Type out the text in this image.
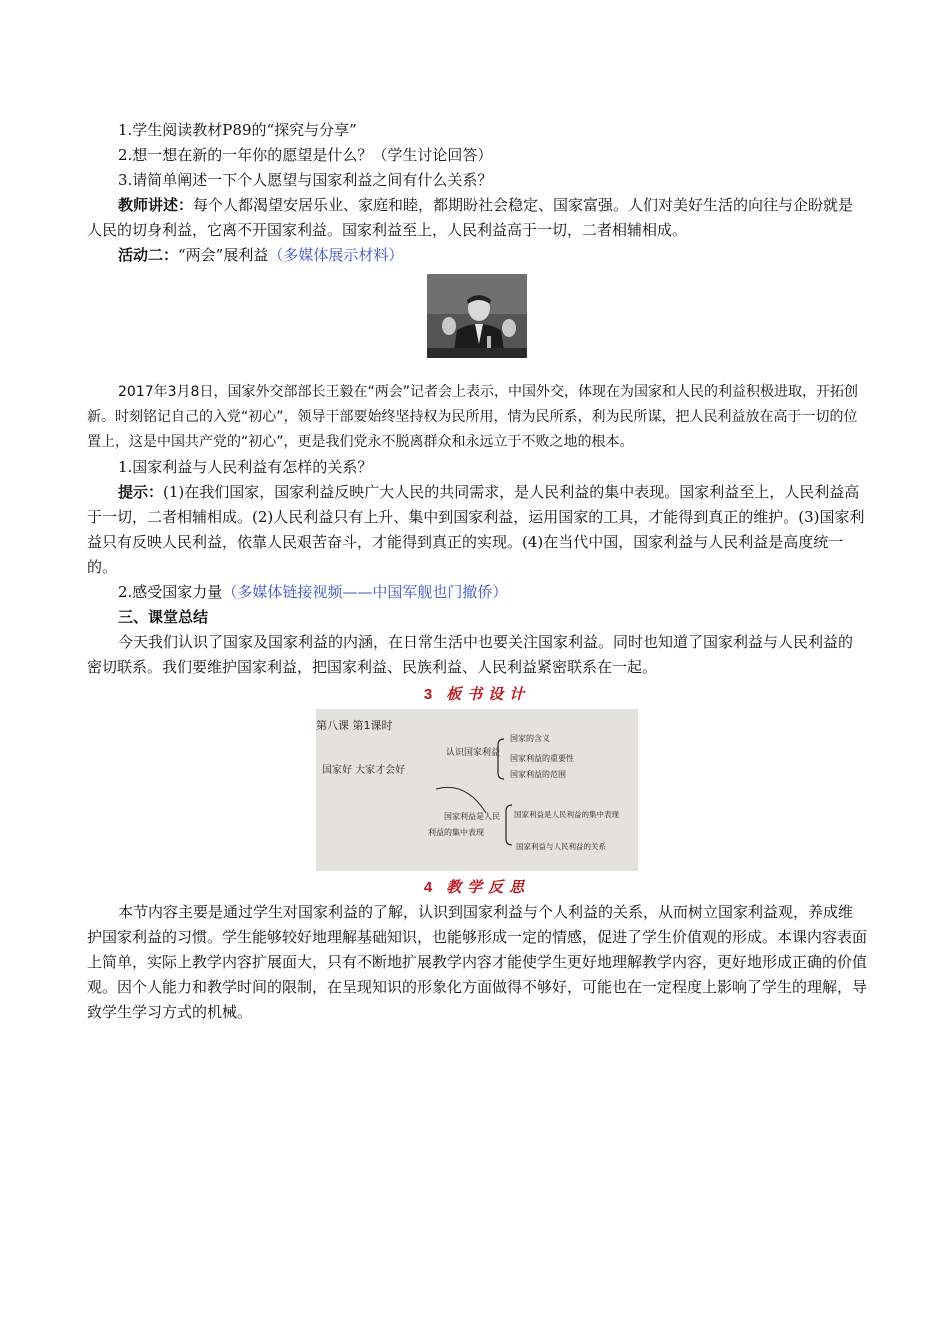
1.学生阅读教材P89的“探究与分享”

2.想一想在新的一年你的愿望是什么？（学生讨论回答）

3.请简单阐述一下个人愿望与国家利益之间有什么关系？

教师讲述：每个人都渴望安居乐业、家庭和睦，都期盼社会稳定、国家富强。人们对美好生活的向往与企盼就是人民的切身利益，它离不开国家利益。国家利益至上，人民利益高于一切，二者相辅相成。

活动二：“两会”展利益（多媒体展示材料）

2017年3月8日，国家外交部部长王毅在“两会”记者会上表示，中国外交，体现在为国家和人民的利益积极进取，开拓创新。时刻铭记自己的入党“初心”，领导干部要始终坚持权为民所用，情为民所系，利为民所谋，把人民利益放在高于一切的位置上，这是中国共产党的“初心”，更是我们党永不脱离群众和永远立于不败之地的根本。

1.国家利益与人民利益有怎样的关系？

提示：(1)在我们国家，国家利益反映广大人民的共同需求，是人民利益的集中表现。国家利益至上，人民利益高于一切，二者相辅相成。(2)人民利益只有上升、集中到国家利益，运用国家的工具，才能得到真正的维护。(3)国家利益只有反映人民利益，依靠人民艰苦奋斗，才能得到真正的实现。(4)在当代中国，国家利益与人民利益是高度统一的。

2.感受国家力量（多媒体链接视频——中国军舰也门撤侨）

三、课堂总结

今天我们认识了国家及国家利益的内涵，在日常生活中也要关注国家利益。同时也知道了国家利益与人民利益的密切联系。我们要维护国家利益，把国家利益、民族利益、人民利益紧密联系在一起。

3 板书设计
第八课 第1课时
国家好 大家才会好
认识国家利益
国家的含义
国家利益的重要性
国家利益的范围
国家利益是人民
利益的集中表现
国家利益是人民利益的集中表现
国家利益与人民利益的关系
4 教学反思

本节内容主要是通过学生对国家利益的了解，认识到国家利益与个人利益的关系，从而树立国家利益观，养成维护国家利益的习惯。学生能够较好地理解基础知识，也能够形成一定的情感，促进了学生价值观的形成。本课内容表面上简单，实际上教学内容扩展面大，只有不断地扩展教学内容才能使学生更好地理解教学内容，更好地形成正确的价值观。因个人能力和教学时间的限制，在呈现知识的形象化方面做得不够好，可能也在一定程度上影响了学生的理解，导致学生学习方式的机械。
